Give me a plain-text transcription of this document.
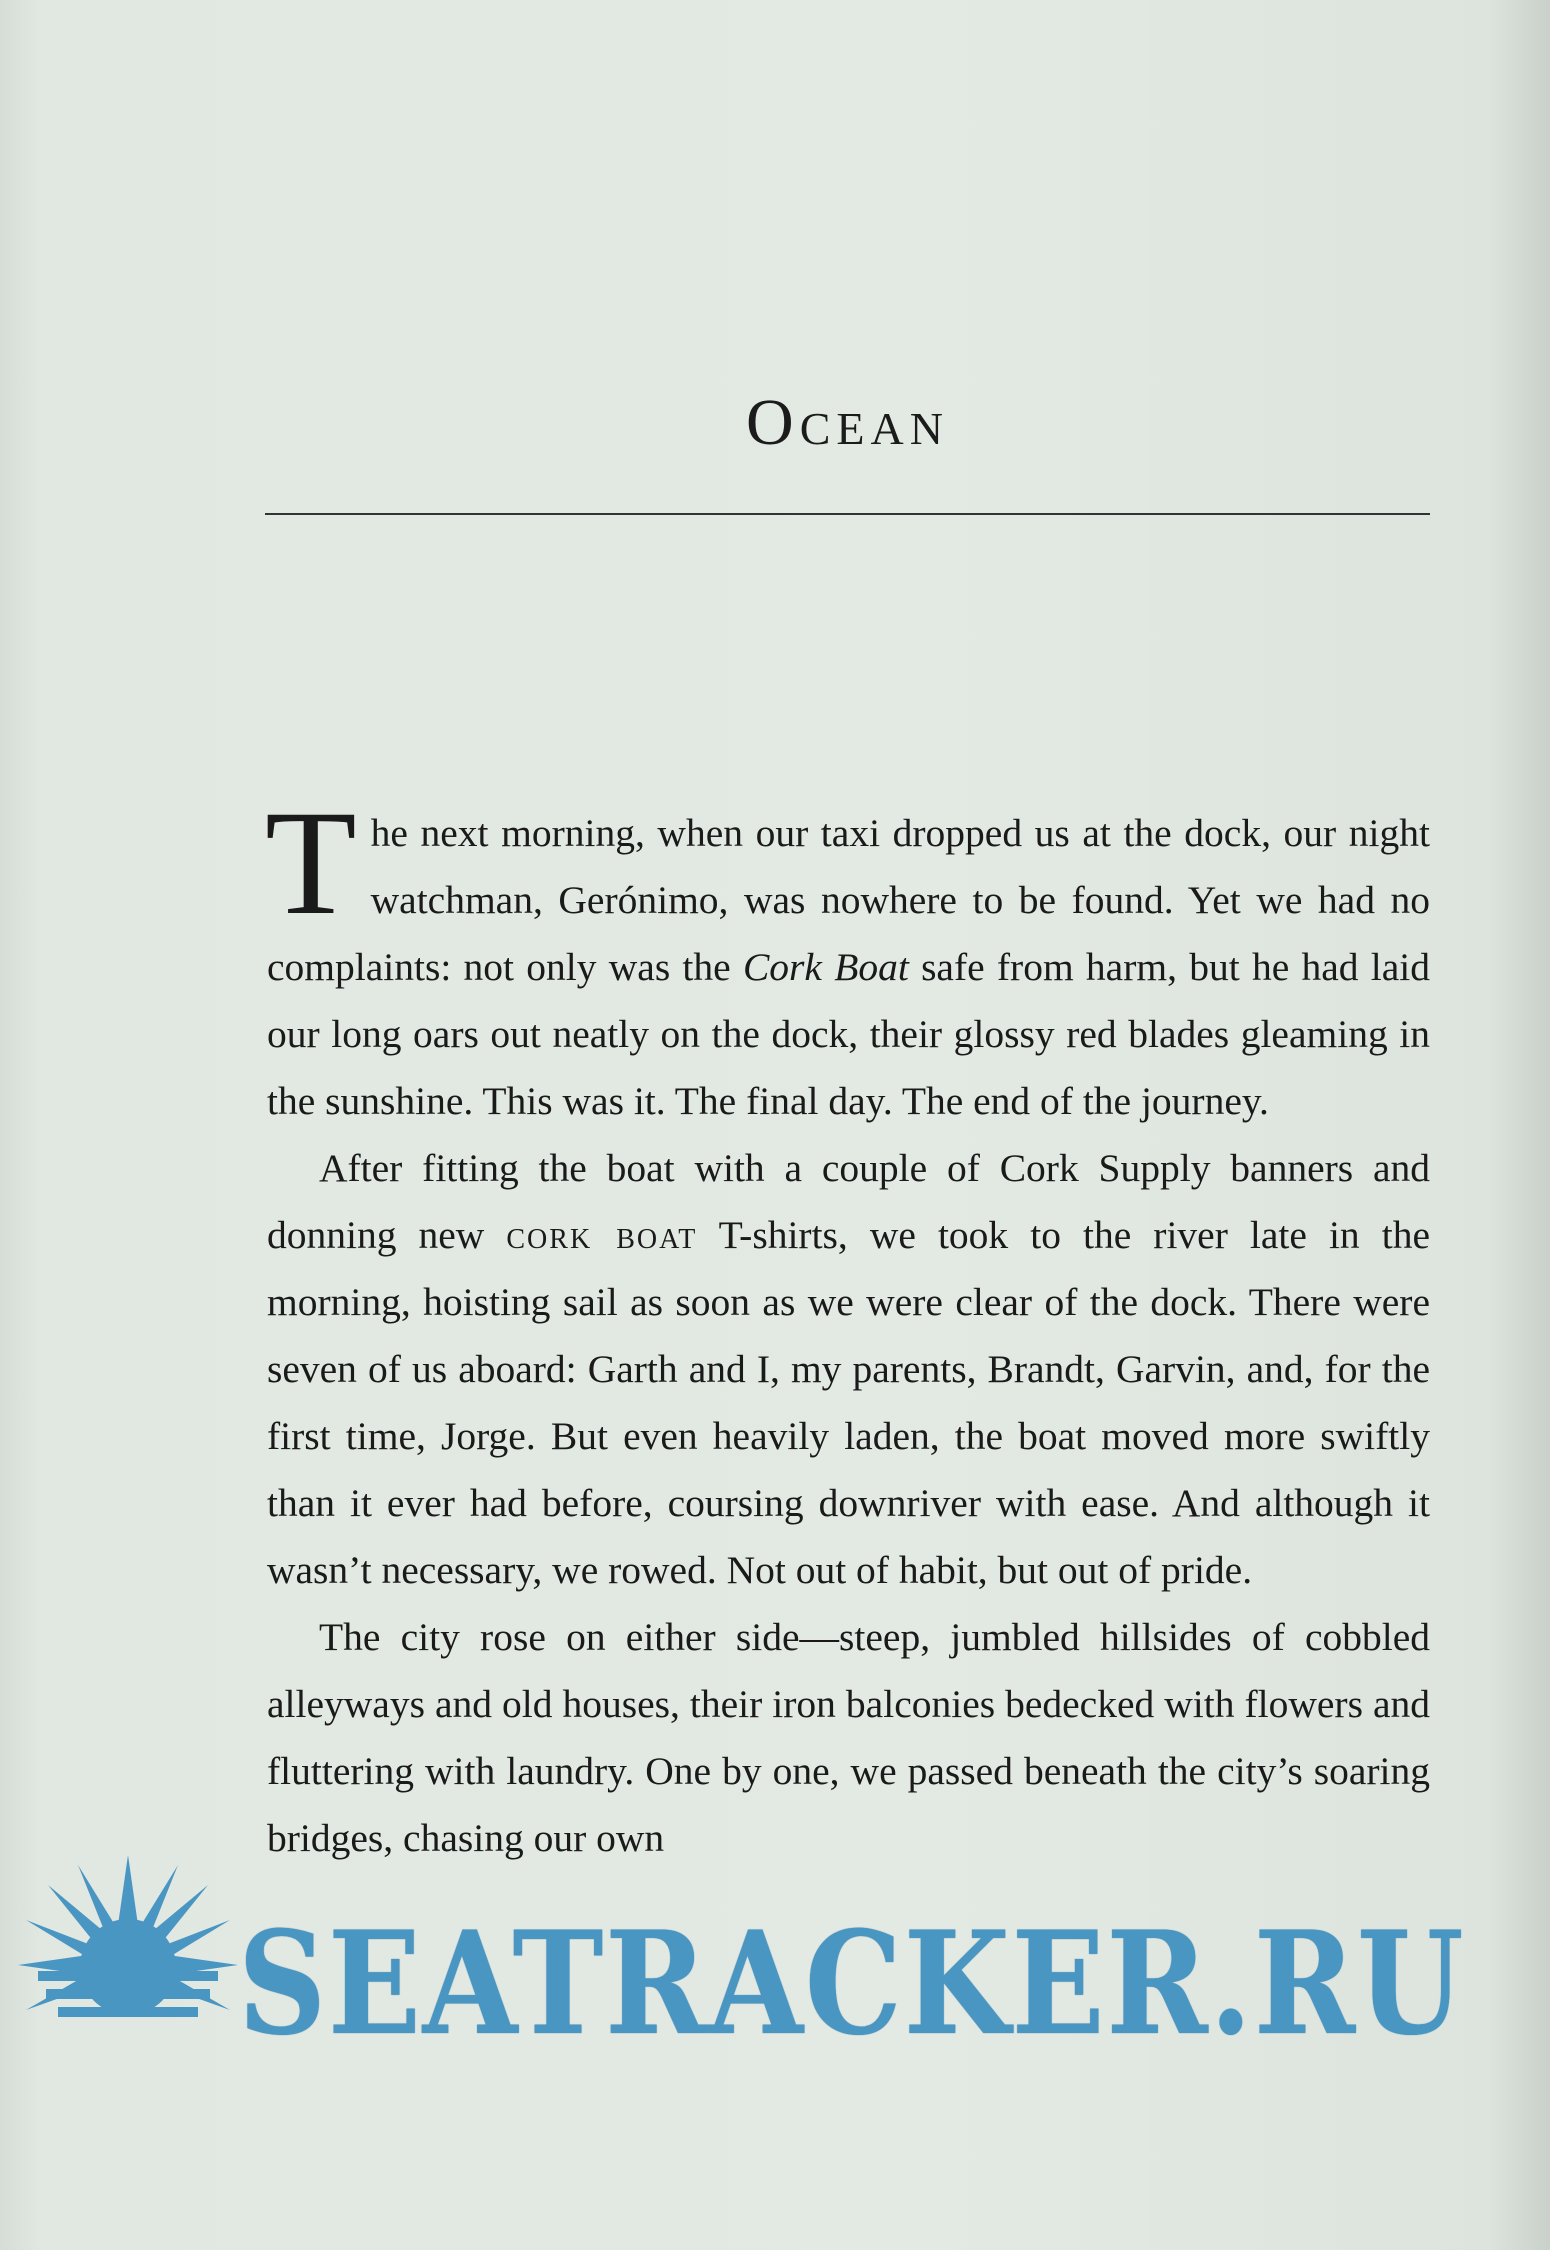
Ocean

The next morning, when our taxi dropped us at the dock, our night watchman, Gerónimo, was nowhere to be found. Yet we had no complaints: not only was the Cork Boat safe from harm, but he had laid our long oars out neatly on the dock, their glossy red blades gleaming in the sunshine. This was it. The final day. The end of the journey.

After fitting the boat with a couple of Cork Supply banners and donning new cork boat T-shirts, we took to the river late in the morning, hoisting sail as soon as we were clear of the dock. There were seven of us aboard: Garth and I, my parents, Brandt, Garvin, and, for the first time, Jorge. But even heavily laden, the boat moved more swiftly than it ever had before, coursing downriver with ease. And although it wasn’t necessary, we rowed. Not out of habit, but out of pride.

The city rose on either side—steep, jumbled hillsides of cobbled alleyways and old houses, their iron balconies bedecked with flowers and fluttering with laundry. One by one, we passed beneath the city’s soaring bridges, chasing our own

SEATRACKER.RU
